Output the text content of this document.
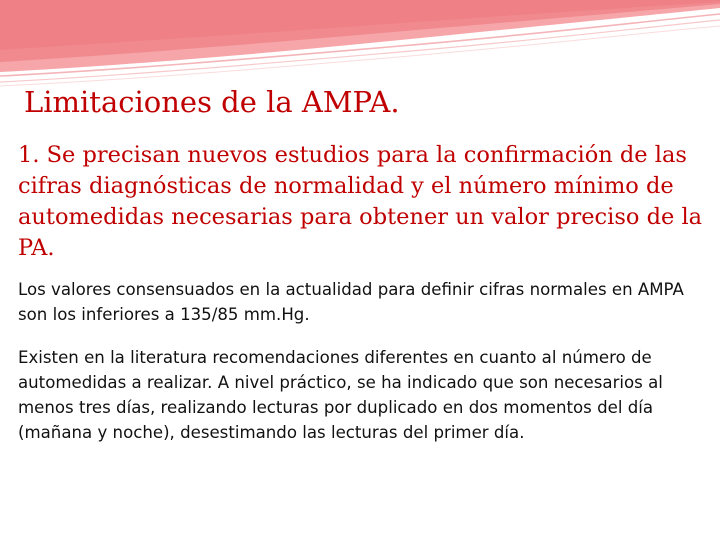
Limitaciones de la AMPA.

1. Se precisan nuevos estudios para la confirmación de las cifras diagnósticas de normalidad y el número mínimo de automedidas necesarias para obtener un valor preciso de la PA.

Los valores consensuados en la actualidad para definir cifras normales en AMPA son los inferiores a 135/85 mm.Hg.

Existen en la literatura recomendaciones diferentes en cuanto al número de automedidas a realizar. A nivel práctico, se ha indicado que son necesarios al menos tres días, realizando lecturas por duplicado en dos momentos del día (mañana y noche), desestimando las lecturas del primer día.
